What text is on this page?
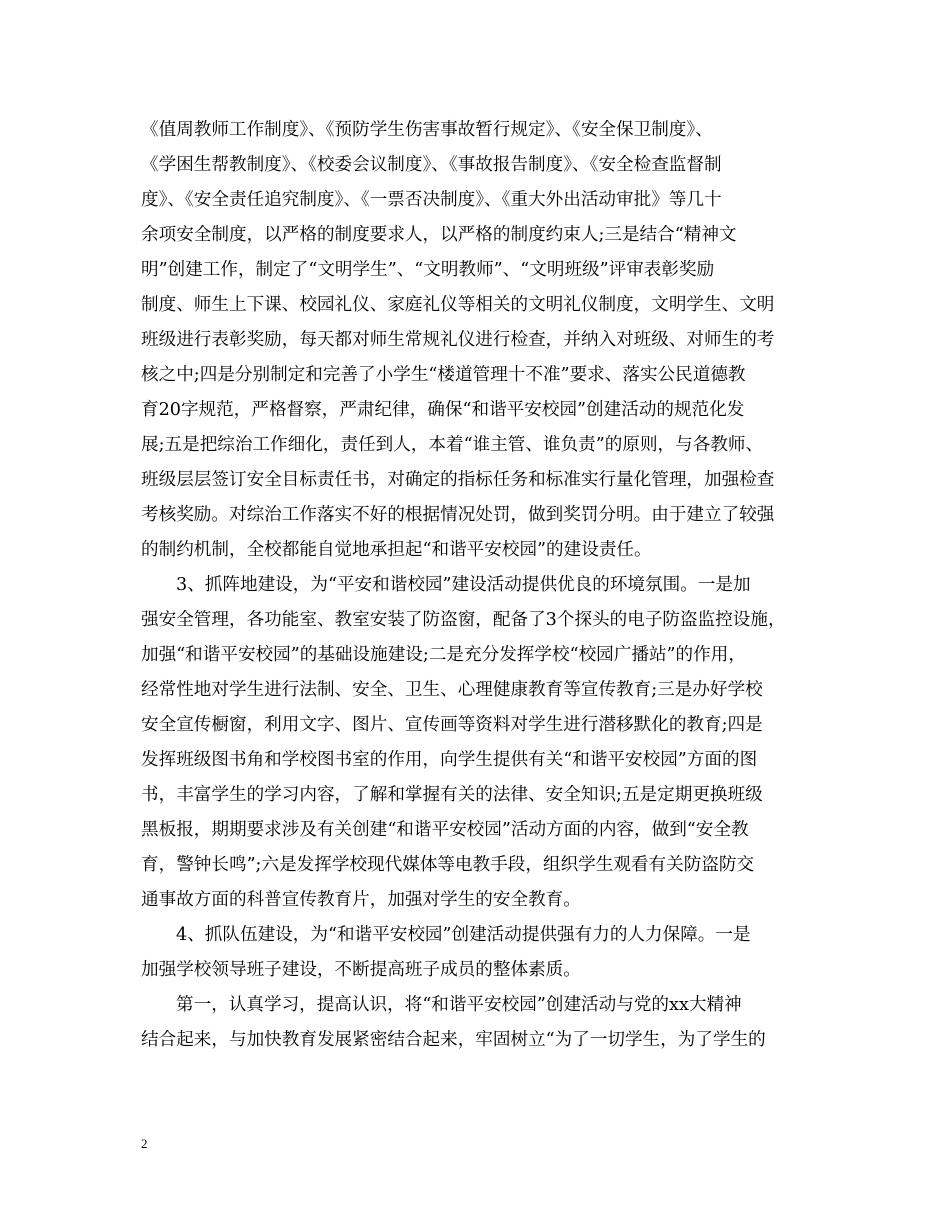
《值周教师工作制度》、《预防学生伤害事故暂行规定》、《安全保卫制度》、
《学困生帮教制度》、《校委会议制度》、《事故报告制度》、《安全检查监督制
度》、《安全责任追究制度》、《一票否决制度》、《重大外出活动审批》等几十
余项安全制度，以严格的制度要求人，以严格的制度约束人;三是结合“精神文
明”创建工作，制定了“文明学生”、“文明教师”、“文明班级”评审表彰奖励
制度、师生上下课、校园礼仪、家庭礼仪等相关的文明礼仪制度，文明学生、文明
班级进行表彰奖励，每天都对师生常规礼仪进行检查，并纳入对班级、对师生的考
核之中;四是分别制定和完善了小学生“楼道管理十不准”要求、落实公民道德教
育20字规范，严格督察，严肃纪律，确保“和谐平安校园”创建活动的规范化发
展;五是把综治工作细化，责任到人，本着“谁主管、谁负责”的原则，与各教师、
班级层层签订安全目标责任书，对确定的指标任务和标准实行量化管理，加强检查
考核奖励。对综治工作落实不好的根据情况处罚，做到奖罚分明。由于建立了较强
的制约机制，全校都能自觉地承担起“和谐平安校园”的建设责任。
3、抓阵地建设，为“平安和谐校园”建设活动提供优良的环境氛围。一是加
强安全管理，各功能室、教室安装了防盗窗，配备了3个探头的电子防盗监控设施，
加强“和谐平安校园”的基础设施建设;二是充分发挥学校“校园广播站”的作用，
经常性地对学生进行法制、安全、卫生、心理健康教育等宣传教育;三是办好学校
安全宣传橱窗，利用文字、图片、宣传画等资料对学生进行潜移默化的教育;四是
发挥班级图书角和学校图书室的作用，向学生提供有关“和谐平安校园”方面的图
书，丰富学生的学习内容，了解和掌握有关的法律、安全知识;五是定期更换班级
黑板报，期期要求涉及有关创建“和谐平安校园”活动方面的内容，做到“安全教
育，警钟长鸣”;六是发挥学校现代媒体等电教手段，组织学生观看有关防盗防交
通事故方面的科普宣传教育片，加强对学生的安全教育。
4、抓队伍建设，为“和谐平安校园”创建活动提供强有力的人力保障。一是
加强学校领导班子建设，不断提高班子成员的整体素质。
第一，认真学习，提高认识，将“和谐平安校园”创建活动与党的xx大精神
结合起来，与加快教育发展紧密结合起来，牢固树立“为了一切学生，为了学生的
2
